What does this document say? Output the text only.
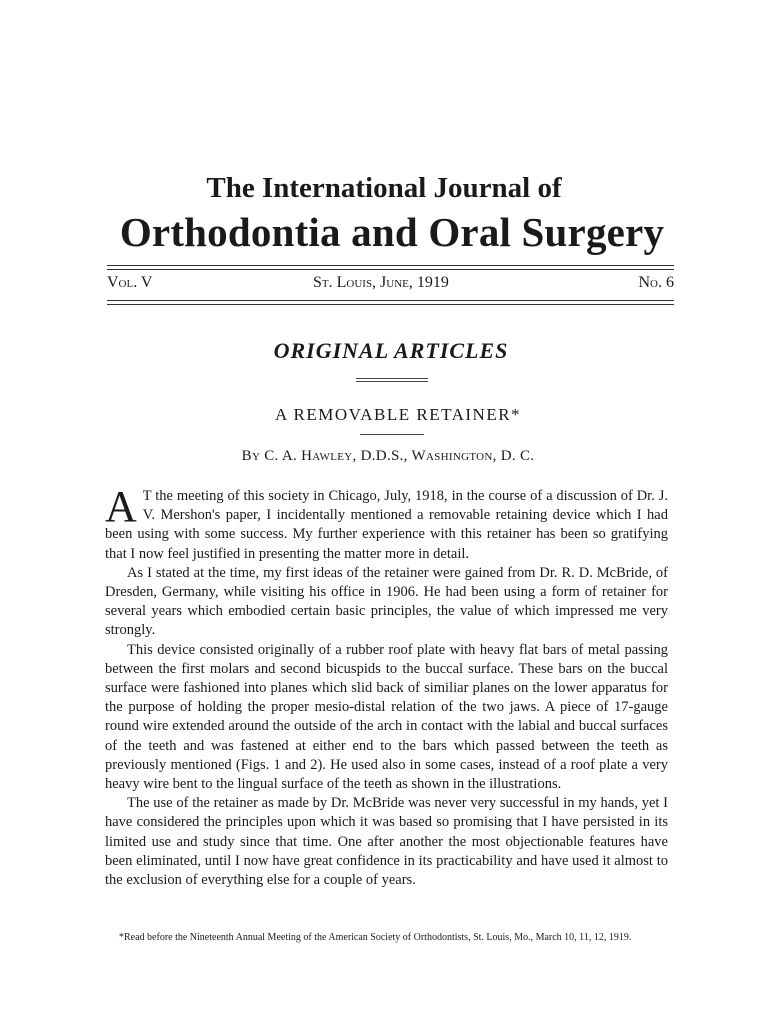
The International Journal of
Orthodontia and Oral Surgery
Vol. V	St. Louis, June, 1919	No. 6
ORIGINAL ARTICLES
A REMOVABLE RETAINER*
By C. A. Hawley, D.D.S., Washington, D. C.

A T the meeting of this society in Chicago, July, 1918, in the course of a discussion of Dr. J. V. Mershon's paper, I incidentally mentioned a removable retaining device which I had been using with some success. My further experience with this retainer has been so gratifying that I now feel justified in presenting the matter more in detail.

As I stated at the time, my first ideas of the retainer were gained from Dr. R. D. McBride, of Dresden, Germany, while visiting his office in 1906. He had been using a form of retainer for several years which embodied certain basic principles, the value of which impressed me very strongly.

This device consisted originally of a rubber roof plate with heavy flat bars of metal passing between the first molars and second bicuspids to the buccal surface. These bars on the buccal surface were fashioned into planes which slid back of similiar planes on the lower apparatus for the purpose of holding the proper mesio-distal relation of the two jaws. A piece of 17-gauge round wire extended around the outside of the arch in contact with the labial and buccal surfaces of the teeth and was fastened at either end to the bars which passed between the teeth as previously mentioned (Figs. 1 and 2). He used also in some cases, instead of a roof plate a very heavy wire bent to the lingual surface of the teeth as shown in the illustrations.

The use of the retainer as made by Dr. McBride was never very successful in my hands, yet I have considered the principles upon which it was based so promising that I have persisted in its limited use and study since that time. One after another the most objectionable features have been eliminated, until I now have great confidence in its practicability and have used it almost to the exclusion of everything else for a couple of years.

*Read before the Nineteenth Annual Meeting of the American Society of Orthodontists, St. Louis, Mo., March 10, 11, 12, 1919.
